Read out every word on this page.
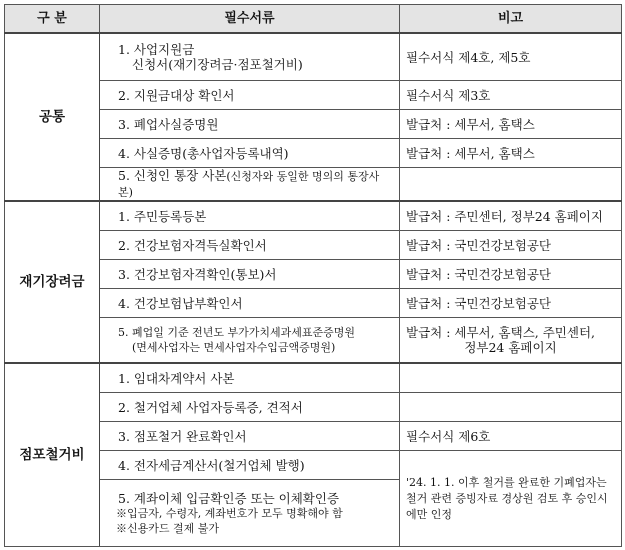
구 분	필수서류	비고
공통	1. 사업지원금
신청서(재기장려금·점포철거비)	필수서식 제4호, 제5호

	2. 지원금대상 확인서	필수서식 제3호

	3. 폐업사실증명원	발급처 : 세무서, 홈택스

	4. 사실증명(총사업자등록내역)	발급처 : 세무서, 홈택스

	5. 신청인 통장 사본(신청자와 동일한 명의의 통장사본)	

재기장려금	1. 주민등록등본	발급처 : 주민센터, 정부24 홈페이지

	2. 건강보험자격득실확인서	발급처 : 국민건강보험공단

	3. 건강보험자격확인(통보)서	발급처 : 국민건강보험공단

	4. 건강보험납부확인서	발급처 : 국민건강보험공단

	5. 폐업일 기준 전년도 부가가치세과세표준증명원
(면세사업자는 면세사업자수입금액증명원)	발급처 : 세무서, 홈택스, 주민센터,
정부24 홈페이지

점포철거비	1. 임대차계약서 사본	

	2. 철거업체 사업자등록증, 견적서	

	3. 점포철거 완료확인서	필수서식 제6호

	4. 전자세금계산서(철거업체 발행)	'24. 1. 1. 이후 철거를 완료한 기폐업자는 철거 관련 증빙자료 경상원 검토 후 승인시에만 인정

	5. 계좌이체 입금확인증 또는 이체확인증
※입금자, 수령자, 계좌번호가 모두 명확해야 함
※신용카드 결제 불가	
